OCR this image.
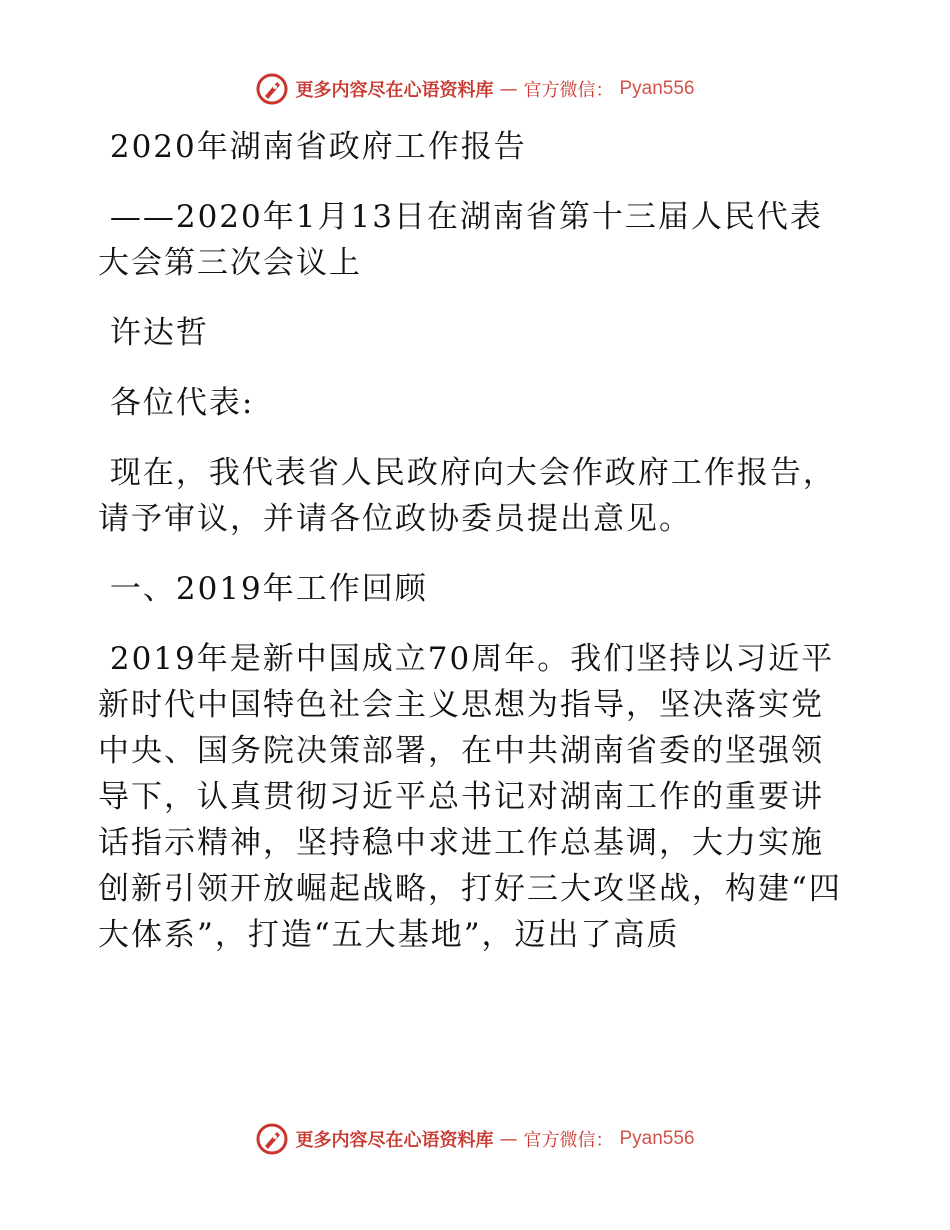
更多内容尽在心语资料库 — 官方微信： Pyan556

2020年湖南省政府工作报告

——2020年1月13日在湖南省第十三届人民代表大会第三次会议上

许达哲

各位代表:

现在，我代表省人民政府向大会作政府工作报告，请予审议，并请各位政协委员提出意见。

一、2019年工作回顾

2019年是新中国成立70周年。我们坚持以习近平新时代中国特色社会主义思想为指导，坚决落实党中央、国务院决策部署，在中共湖南省委的坚强领导下，认真贯彻习近平总书记对湖南工作的重要讲话指示精神，坚持稳中求进工作总基调，大力实施创新引领开放崛起战略，打好三大攻坚战，构建“四大体系”，打造“五大基地”，迈出了高质

更多内容尽在心语资料库 — 官方微信： Pyan556
